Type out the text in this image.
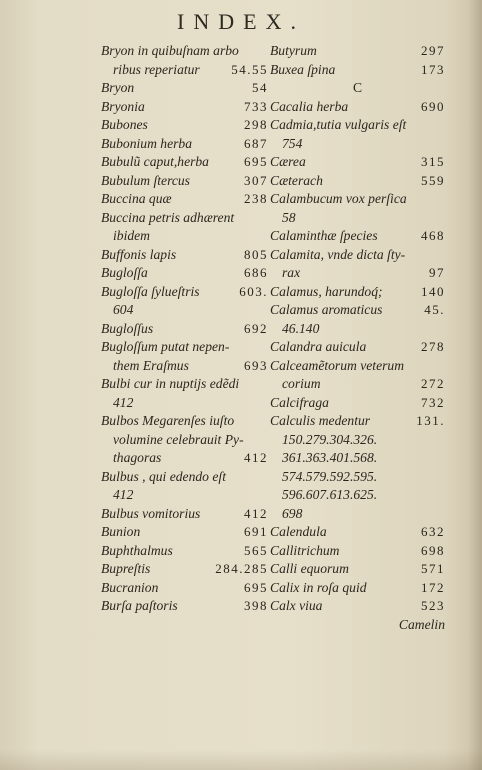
INDEX.
Bryon in quibuſnam arbo
ribus reperiatur 54.55
Bryon	54
Bryonia	733
Bubones	298
Bubonium herba	687
Bubulũ caput,herba	695
Bubulum ſtercus	307
Buccina quæ	238
Buccina petris adhærent
ibidem
Buffonis lapis	805
Bugloſſa	686
Bugloſſa ſylueſtris	603.
604
Bugloſſus	692
Bugloſſum putat nepen-
them Eraſmus	693
Bulbi cur in nuptijs edẽdi
412
Bulbos Megarenſes iuſto
volumine celebrauit Py-
thagoras	412
Bulbus , qui edendo eſt
412
Bulbus vomitorius	412
Bunion	691
Buphthalmus	565
Bupreſtis	284.285
Bucranion	695
Burſa paſtoris	398
Butyrum	297
Buxea ſpina	173
C
Cacalia herba	690
Cadmia,tutia vulgaris eſt
754
Cærea	315
Cæterach	559
Calambucum vox perſica
58
Calaminthæ ſpecies	468
Calamita, vnde dicta ſty-
rax	97
Calamus, harundoq́;	140
Calamus aromaticus	45.
46.140
Calandra auicula	278
Calceamẽtorum veterum
corium	272
Calcifraga	732
Calculis medentur	131.
150.279.304.326.
361.363.401.568.
574.579.592.595.
596.607.613.625.
698
Calendula	632
Callitrichum	698
Calli equorum	571
Calix in roſa quid	172
Calx viua	523
Camelin
